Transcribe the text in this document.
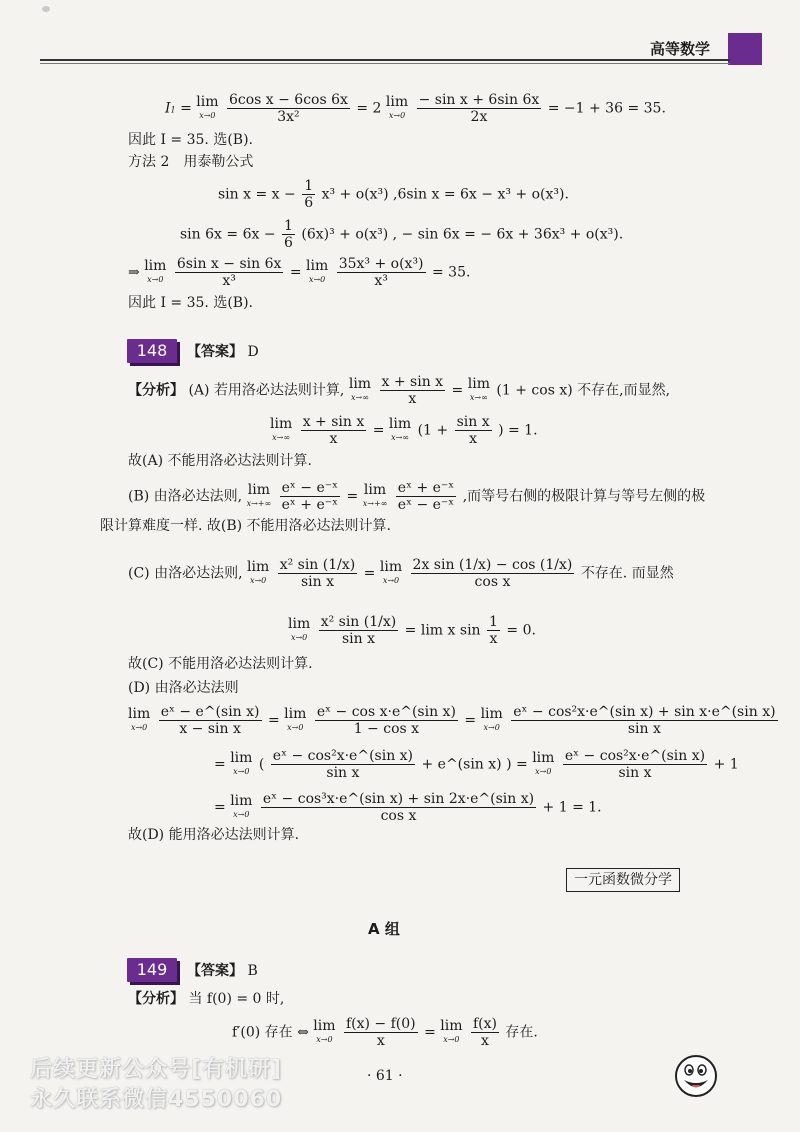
高等数学
I1 = lim
x→0
$\frac{\text{6cos x − 6cos 6x}}{\text{3x²}} = 2$ lim
x→0
$\frac{\text{− sin x + 6sin 6x}}{2x} = -1 + 36 = 35$.
因此 I = 35. 选(B).
方法 2　用泰勒公式
$\sin x = x - \frac{1}{6} x^3 + o(x^3)$ ,6sin x = 6x − x³ + o(x³).
$\sin 6x = 6x - \frac{1}{6} (6x)^3 + o(x^3)$ , − sin 6x = − 6x + 36x³ + o(x³).
⇒ lim
x→0
$\frac{\text{6sin x − sin 6x}}{\text{x³}} = \lim$
x→0
$\frac{\text{35x³ + o(x³)}}{\text{x³}} = 35$.
因此 I = 35. 选(B).
148	【答案】 D
【分析】 (A) 若用洛必达法则计算, lim
x→∞
$\frac{\text{x + sin x}}{x} = \lim$
x→∞ (1 + cos x) 不存在,而显然,
lim
x→∞
$\frac{\text{x + sin x}}{x} = \lim$
x→∞ ($1 + \frac{\text{sin x}}{x}$ ) = 1.
故(A) 不能用洛必达法则计算.
(B) 由洛必达法则, lim
x→+∞
$\frac{\text{eˣ − e⁻ˣ}}{\text{eˣ + e⁻ˣ}} = \lim$
x→+∞
$\frac{\text{eˣ + e⁻ˣ}}{\text{eˣ − e⁻ˣ}}$ ,而等号右侧的极限计算与等号左侧的极
限计算难度一样. 故(B) 不能用洛必达法则计算.
(C) 由洛必达法则, lim
x→0
$\frac{\text{x² sin (1/x)}}{\text{sin x}} = \lim$
x→0
$\frac{\text{2x sin (1/x) − cos (1/x)}}{\text{cos x}}$ 不存在. 而显然
lim
x→0
$\frac{\text{x² sin (1/x)}}{\text{sin x}} = \lim x$ $\sin \frac{1}{x} = 0$.
故(C) 不能用洛必达法则计算.
(D) 由洛必达法则
lim
x→0
$\frac{\text{eˣ − e\textasciicircum{}(sin x)}}{\text{x − sin x}} = \lim$
x→0
$\frac{\text{eˣ − cos x·e\textasciicircum{}(sin x)}}{\text{1 − cos x}} = \lim$
x→0
$\frac{\text{eˣ − cos²x·e\textasciicircum{}(sin x) + sin x·e\textasciicircum{}(sin x)}}{\text{sin x}}$
= lim
x→0 ( $\frac{\text{eˣ − cos²x·e\textasciicircum{}(sin x)}}{\text{sin x}}$ + e^(sin x) ) = lim
x→0
$\frac{\text{eˣ − cos²x·e\textasciicircum{}(sin x)}}{\text{sin x}} + 1$
= lim
x→0
$\frac{\text{eˣ − cos³x·e\textasciicircum{}(sin x) + sin 2x·e\textasciicircum{}(sin x)}}{\text{cos x}} + 1 = 1$.
故(D) 能用洛必达法则计算.
一元函数微分学
A 组
149	【答案】 B
【分析】 当 f(0) = 0 时,
f′(0) 存在 ⇔ lim
x→0
$\frac{f(x) - f(0)}{x} = \lim$
x→0
$\frac{f(x)}{x}$ 存在.
后续更新公众号[有机研]
永久联系微信4550060
· 61 ·
